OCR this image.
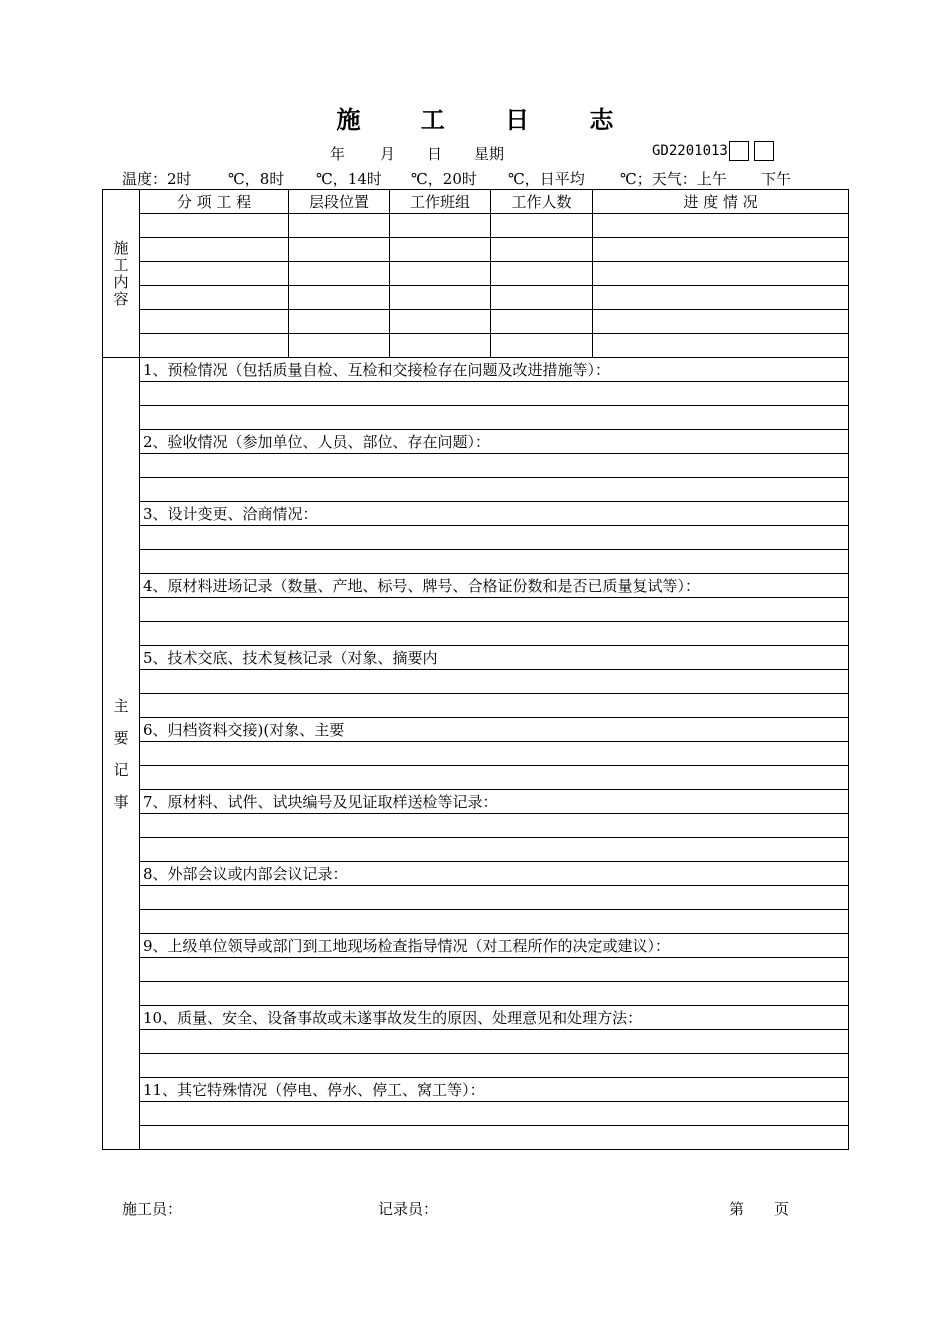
施 工 日 志
年 月 日 星期	GD2201013
温度：2时 ℃，8时 ℃，14时 ℃，20时 ℃，日平均 ℃；天气：上午 下午
施工内容	分 项 工 程	层段位置	工作班组	工作人数	进 度 情 况

主要记事	1、预检情况（包括质量自检、互检和交接检存在问题及改进措施等）：				

	2、验收情况（参加单位、人员、部位、存在问题）：				

	3、设计变更、洽商情况：				

	4、原材料进场记录（数量、产地、标号、牌号、合格证份数和是否已质量复试等）：				

	5、技术交底、技术复核记录（对象、摘要内				

	6、归档资料交接)(对象、主要				

	7、原材料、试件、试块编号及见证取样送检等记录：				

	8、外部会议或内部会议记录：				

	9、上级单位领导或部门到工地现场检查指导情况（对工程所作的决定或建议）：				

	10、质量、安全、设备事故或未遂事故发生的原因、处理意见和处理方法：				

	11、其它特殊情况（停电、停水、停工、窝工等）：				

施工员：	记录员：	第　　页
